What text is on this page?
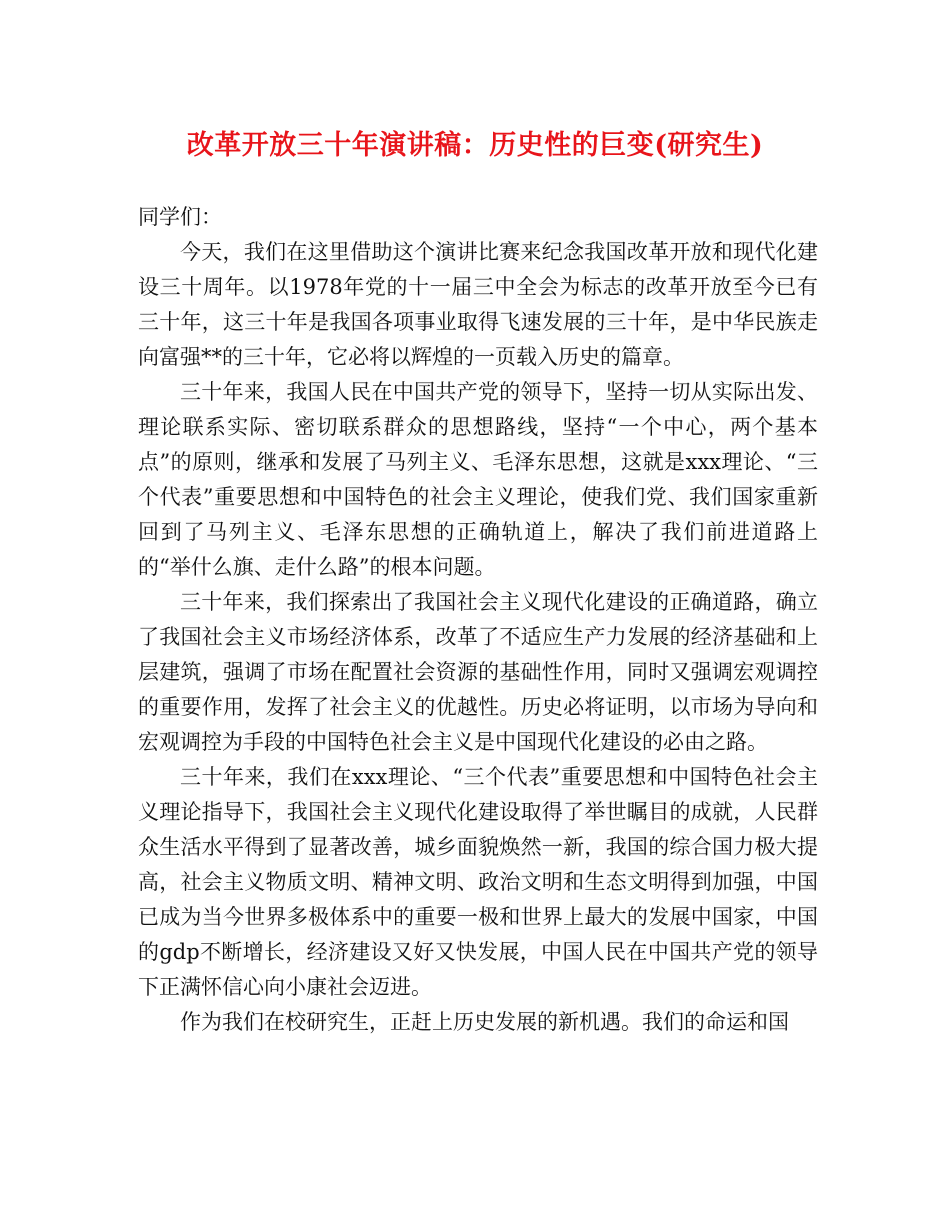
改革开放三十年演讲稿：历史性的巨变(研究生)

同学们：

今天，我们在这里借助这个演讲比赛来纪念我国改革开放和现代化建设三十周年。以1978年党的十一届三中全会为标志的改革开放至今已有三十年，这三十年是我国各项事业取得飞速发展的三十年，是中华民族走向富强**的三十年，它必将以辉煌的一页载入历史的篇章。

三十年来，我国人民在中国共产党的领导下，坚持一切从实际出发、理论联系实际、密切联系群众的思想路线，坚持“一个中心，两个基本点”的原则，继承和发展了马列主义、毛泽东思想，这就是xxx理论、“三个代表”重要思想和中国特色的社会主义理论，使我们党、我们国家重新回到了马列主义、毛泽东思想的正确轨道上，解决了我们前进道路上的“举什么旗、走什么路”的根本问题。

三十年来，我们探索出了我国社会主义现代化建设的正确道路，确立了我国社会主义市场经济体系，改革了不适应生产力发展的经济基础和上层建筑，强调了市场在配置社会资源的基础性作用，同时又强调宏观调控的重要作用，发挥了社会主义的优越性。历史必将证明，以市场为导向和宏观调控为手段的中国特色社会主义是中国现代化建设的必由之路。

三十年来，我们在xxx理论、“三个代表”重要思想和中国特色社会主义理论指导下，我国社会主义现代化建设取得了举世瞩目的成就，人民群众生活水平得到了显著改善，城乡面貌焕然一新，我国的综合国力极大提高，社会主义物质文明、精神文明、政治文明和生态文明得到加强，中国已成为当今世界多极体系中的重要一极和世界上最大的发展中国家，中国的gdp不断增长，经济建设又好又快发展，中国人民在中国共产党的领导下正满怀信心向小康社会迈进。

作为我们在校研究生，正赶上历史发展的新机遇。我们的命运和国
